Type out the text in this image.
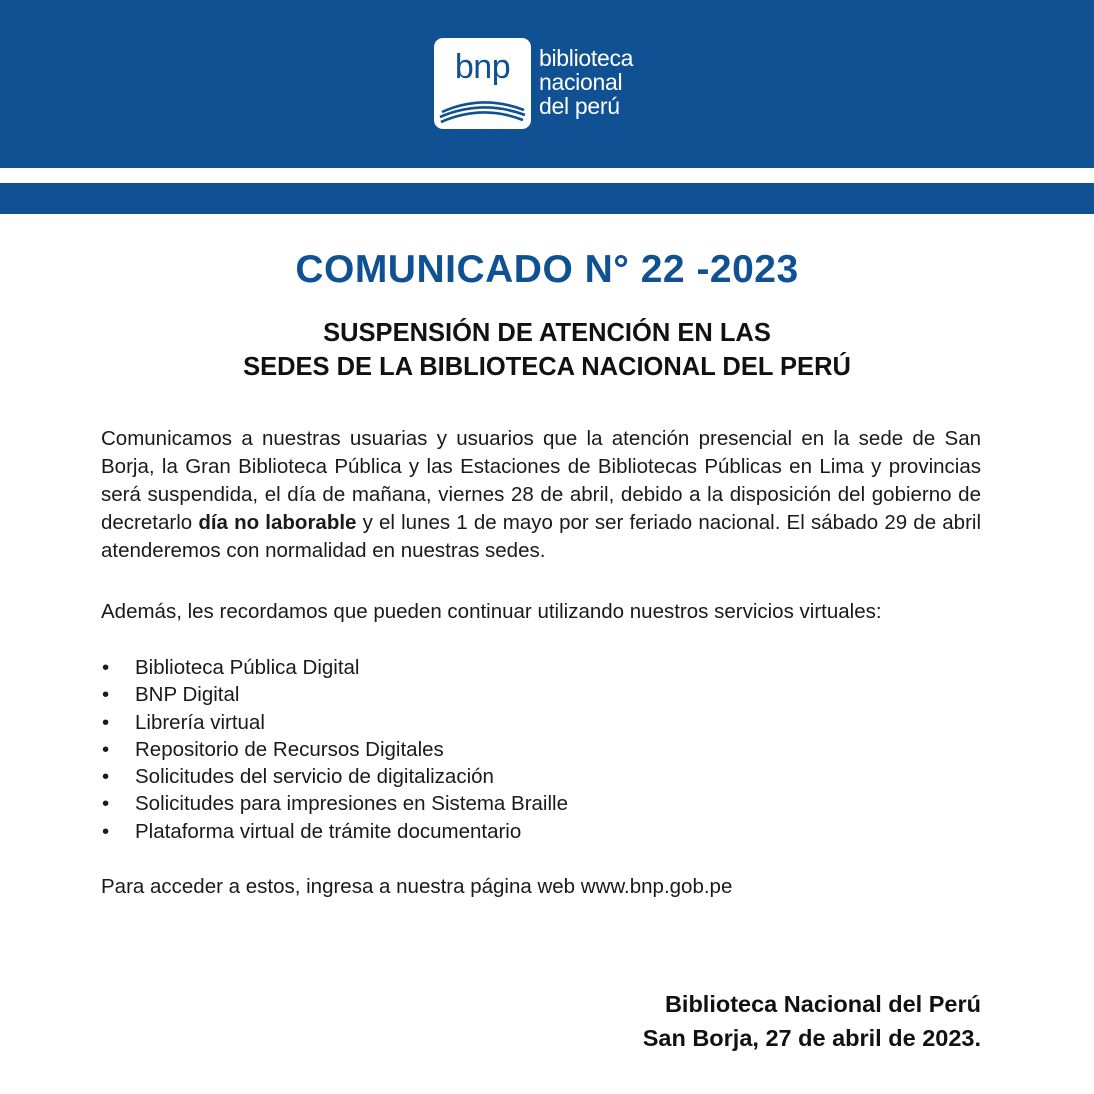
bnp	biblioteca
nacional
del perú
COMUNICADO N° 22 -2023
SUSPENSIÓN DE ATENCIÓN EN LAS
SEDES DE LA BIBLIOTECA NACIONAL DEL PERÚ

Comunicamos a nuestras usuarias y usuarios que la atención presencial en la sede de San Borja, la Gran Biblioteca Pública y las Estaciones de Bibliotecas Públicas en Lima y provincias será suspendida, el día de mañana, viernes 28 de abril, debido a la disposición del gobierno de decretarlo día no laborable y el lunes 1 de mayo por ser feriado nacional. El sábado 29 de abril atenderemos con normalidad en nuestras sedes.

Además, les recordamos que pueden continuar utilizando nuestros servicios virtuales:

• Biblioteca Pública Digital
• BNP Digital
• Librería virtual
• Repositorio de Recursos Digitales
• Solicitudes del servicio de digitalización
• Solicitudes para impresiones en Sistema Braille
• Plataforma virtual de trámite documentario

Para acceder a estos, ingresa a nuestra página web www.bnp.gob.pe

Biblioteca Nacional del Perú
San Borja, 27 de abril de 2023.
